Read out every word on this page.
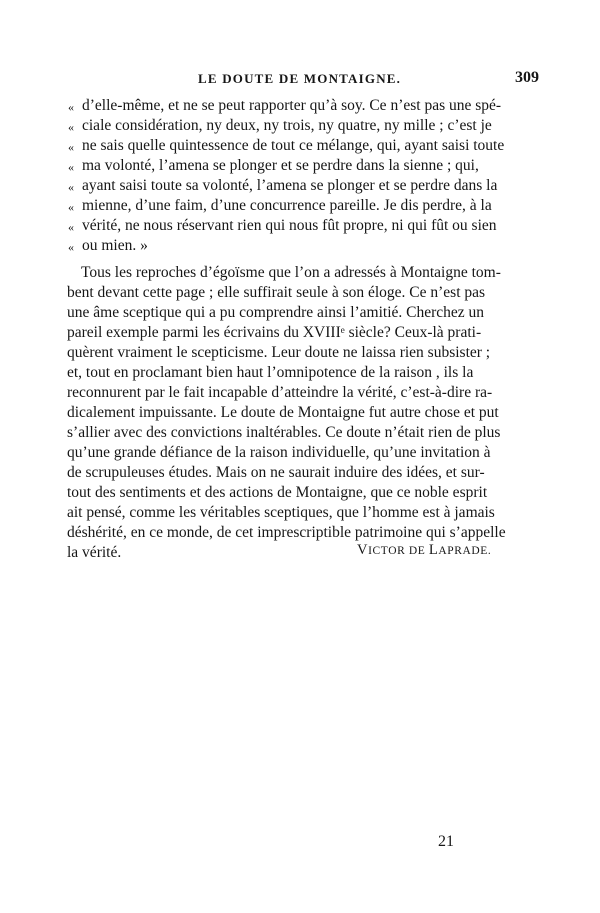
LE DOUTE DE MONTAIGNE.	309
«
«
«
«
«
«
«
«
d’elle-même, et ne se peut rapporter qu’à soy. Ce n’est pas une spé-
ciale considération, ny deux, ny trois, ny quatre, ny mille ; c’est je
ne sais quelle quintessence de tout ce mélange, qui, ayant saisi toute
ma volonté, l’amena se plonger et se perdre dans la sienne ; qui,
ayant saisi toute sa volonté, l’amena se plonger et se perdre dans la
mienne, d’une faim, d’une concurrence pareille. Je dis perdre, à la
vérité, ne nous réservant rien qui nous fût propre, ni qui fût ou sien
ou mien. »
Tous les reproches d’égoïsme que l’on a adressés à Montaigne tom-
bent devant cette page ; elle suffirait seule à son éloge. Ce n’est pas
une âme sceptique qui a pu comprendre ainsi l’amitié. Cherchez un
pareil exemple parmi les écrivains du XVIIIᵉ siècle? Ceux-là prati-
quèrent vraiment le scepticisme. Leur doute ne laissa rien subsister ;
et, tout en proclamant bien haut l’omnipotence de la raison , ils la
reconnurent par le fait incapable d’atteindre la vérité, c’est-à-dire ra-
dicalement impuissante. Le doute de Montaigne fut autre chose et put
s’allier avec des convictions inaltérables. Ce doute n’était rien de plus
qu’une grande défiance de la raison individuelle, qu’une invitation à
de scrupuleuses études. Mais on ne saurait induire des idées, et sur-
tout des sentiments et des actions de Montaigne, que ce noble esprit
ait pensé, comme les véritables sceptiques, que l’homme est à jamais
déshérité, en ce monde, de cet imprescriptible patrimoine qui s’appelle
la vérité.	VICTOR DE LAPRADE.
21
